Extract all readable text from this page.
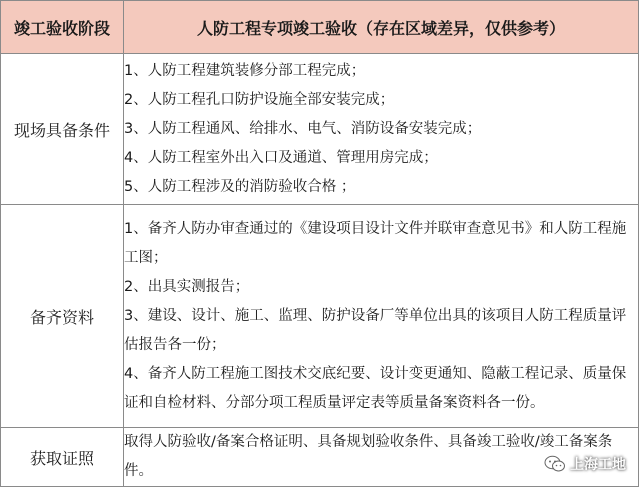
竣工验收阶段	人防工程专项竣工验收（存在区域差异，仅供参考）
现场具备条件	1、人防工程建筑装修分部工程完成；
2、人防工程孔口防护设施全部安装完成；
3、人防工程通风、给排水、电气、消防设备安装完成；
4、人防工程室外出入口及通道、管理用房完成；
5、人防工程涉及的消防验收合格 ；

备齐资料	1、备齐人防办审查通过的《建设项目设计文件并联审查意见书》和人防工程施工图；
2、出具实测报告；
3、建设、设计、施工、监理、防护设备厂等单位出具的该项目人防工程质量评估报告各一份；
4、备齐人防工程施工图技术交底纪要、设计变更通知、隐蔽工程记录、质量保证和自检材料、分部分项工程质量评定表等质量备案资料各一份。

获取证照	取得人防验收/备案合格证明、具备规划验收条件、具备竣工验收/竣工备案条件。	上海工地
